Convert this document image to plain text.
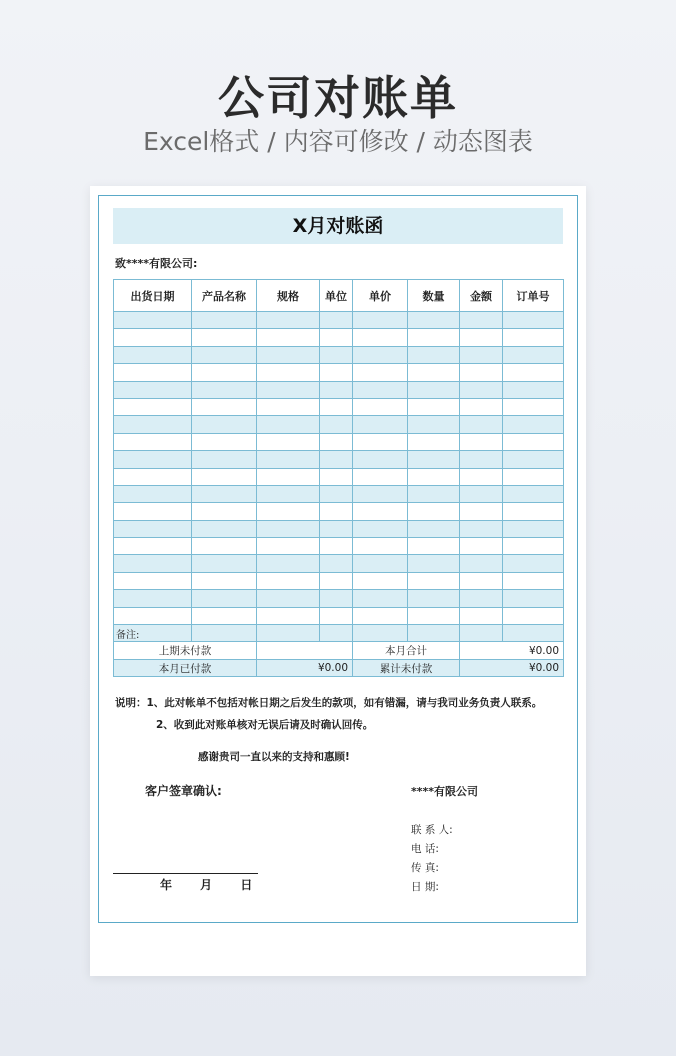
公司对账单
Excel格式 / 内容可修改 / 动态图表
X月对账函
致****有限公司:
出货日期	产品名称	规格	单位	单价	数量	金额	订单号

备注:							
上期未付款				本月合计		¥0.00	
本月已付款		¥0.00		累计未付款		¥0.00	
说明：1、此对帐单不包括对帐日期之后发生的款项，如有错漏，请与我司业务负责人联系。
2、收到此对账单核对无误后请及时确认回传。
感谢贵司一直以来的支持和惠顾!
客户签章确认:	****有限公司
联 系 人:
电 话:
传 真:
日 期:
年 月 日
